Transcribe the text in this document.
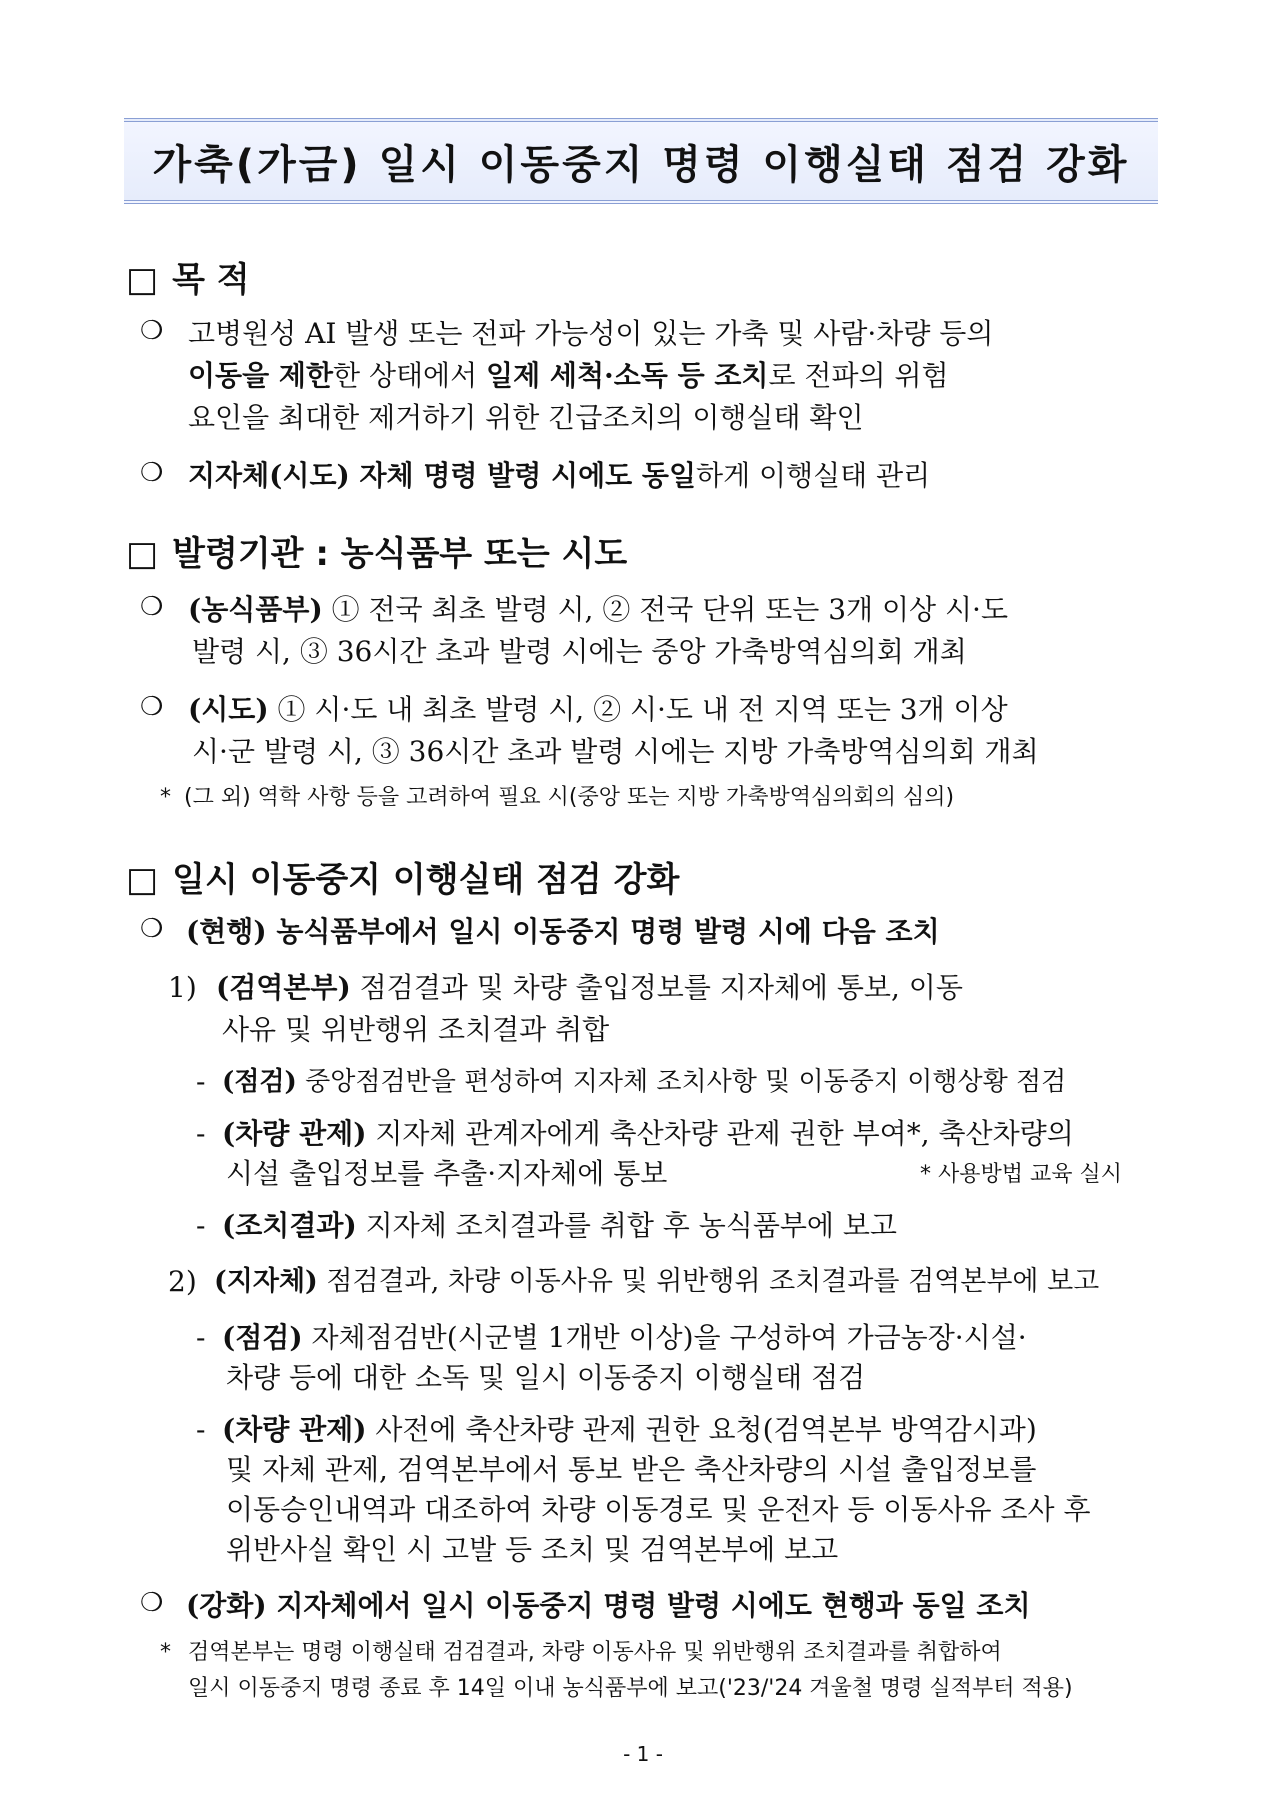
가축(가금) 일시 이동중지 명령 이행실태 점검 강화
□ 목 적
❍ 고병원성 AI 발생 또는 전파 가능성이 있는 가축 및 사람·차량 등의
이동을 제한한 상태에서 일제 세척·소독 등 조치로 전파의 위험
요인을 최대한 제거하기 위한 긴급조치의 이행실태 확인
❍ 지자체(시도) 자체 명령 발령 시에도 동일하게 이행실태 관리
□ 발령기관 : 농식품부 또는 시도
❍ (농식품부) ① 전국 최초 발령 시, ② 전국 단위 또는 3개 이상 시·도
발령 시, ③ 36시간 초과 발령 시에는 중앙 가축방역심의회 개최
❍ (시도) ① 시·도 내 최초 발령 시, ② 시·도 내 전 지역 또는 3개 이상
시·군 발령 시, ③ 36시간 초과 발령 시에는 지방 가축방역심의회 개최
* (그 외) 역학 사항 등을 고려하여 필요 시(중앙 또는 지방 가축방역심의회의 심의)
□ 일시 이동중지 이행실태 점검 강화
❍ (현행) 농식품부에서 일시 이동중지 명령 발령 시에 다음 조치
1) (검역본부) 점검결과 및 차량 출입정보를 지자체에 통보, 이동
사유 및 위반행위 조치결과 취합
- (점검) 중앙점검반을 편성하여 지자체 조치사항 및 이동중지 이행상황 점검
- (차량 관제) 지자체 관계자에게 축산차량 관제 권한 부여*, 축산차량의
시설 출입정보를 추출·지자체에 통보	* 사용방법 교육 실시
- (조치결과) 지자체 조치결과를 취합 후 농식품부에 보고
2) (지자체) 점검결과, 차량 이동사유 및 위반행위 조치결과를 검역본부에 보고
- (점검) 자체점검반(시군별 1개반 이상)을 구성하여 가금농장·시설·
차량 등에 대한 소독 및 일시 이동중지 이행실태 점검
- (차량 관제) 사전에 축산차량 관제 권한 요청(검역본부 방역감시과)
및 자체 관제, 검역본부에서 통보 받은 축산차량의 시설 출입정보를
이동승인내역과 대조하여 차량 이동경로 및 운전자 등 이동사유 조사 후
위반사실 확인 시 고발 등 조치 및 검역본부에 보고
❍ (강화) 지자체에서 일시 이동중지 명령 발령 시에도 현행과 동일 조치
* 검역본부는 명령 이행실태 검검결과, 차량 이동사유 및 위반행위 조치결과를 취합하여
일시 이동중지 명령 종료 후 14일 이내 농식품부에 보고('23/'24 겨울철 명령 실적부터 적용)
- 1 -
